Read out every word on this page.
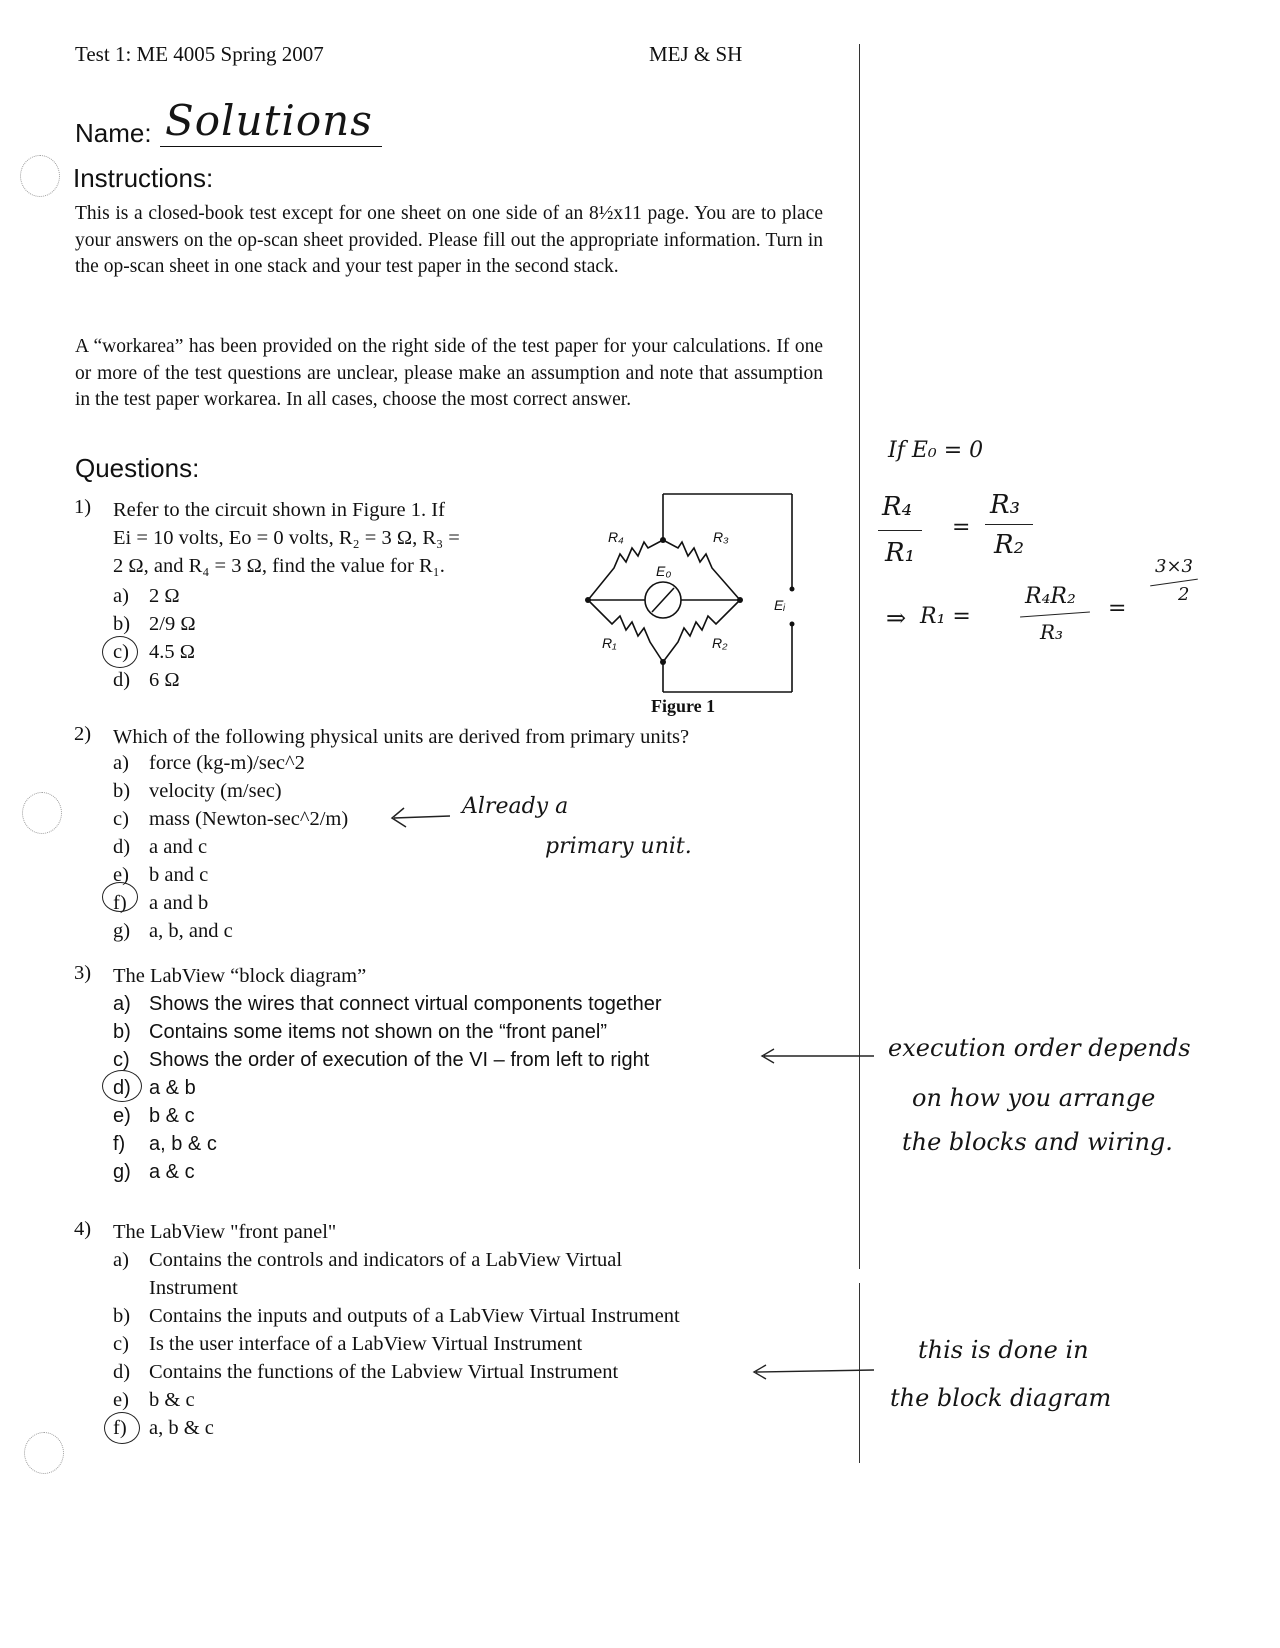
Test 1: ME 4005 Spring 2007	MEJ & SH
Name: Solutions
Instructions:
This is a closed-book test except for one sheet on one side of an 8½x11 page. You are to place your answers on the op-scan sheet provided. Please fill out the appropriate information. Turn in the op-scan sheet in one stack and your test paper in the second stack.
A “workarea” has been provided on the right side of the test paper for your calculations. If one or more of the test questions are unclear, please make an assumption and note that assumption in the test paper workarea. In all cases, choose the most correct answer.
Questions:
1) Refer to the circuit shown in Figure 1. If
Ei = 10 volts, Eo = 0 volts, R₂ = 3 Ω, R₃ =
2 Ω, and R₄ = 3 Ω, find the value for R₁.
a) 2 Ω
b) 2/9 Ω
c) 4.5 Ω
d) 6 Ω
R₄	R₃
E₀
Eᵢ
R₁	R₂
Figure 1
If E₀ = 0
R₄
R₁
=
R₃
R₂
⇒ R₁ =
R₄R₂
R₃
=
3×3
2
2) Which of the following physical units are derived from primary units?
a) force (kg-m)/sec^2
b) velocity (m/sec)
c) mass (Newton-sec^2/m)
d) a and c
e) b and c
f) a and b
g) a, b, and c
Already a
primary unit.
3) The LabView “block diagram”
a) Shows the wires that connect virtual components together
b) Contains some items not shown on the “front panel”
c) Shows the order of execution of the VI – from left to right
d) a & b
e) b & c
f) a, b & c
g) a & c
execution order depends
on how you arrange
the blocks and wiring.
4) The LabView "front panel"
a) Contains the controls and indicators of a LabView Virtual
Instrument
b) Contains the inputs and outputs of a LabView Virtual Instrument
c) Is the user interface of a LabView Virtual Instrument
d) Contains the functions of the Labview Virtual Instrument
e) b & c
f) a, b & c
this is done in
the block diagram
